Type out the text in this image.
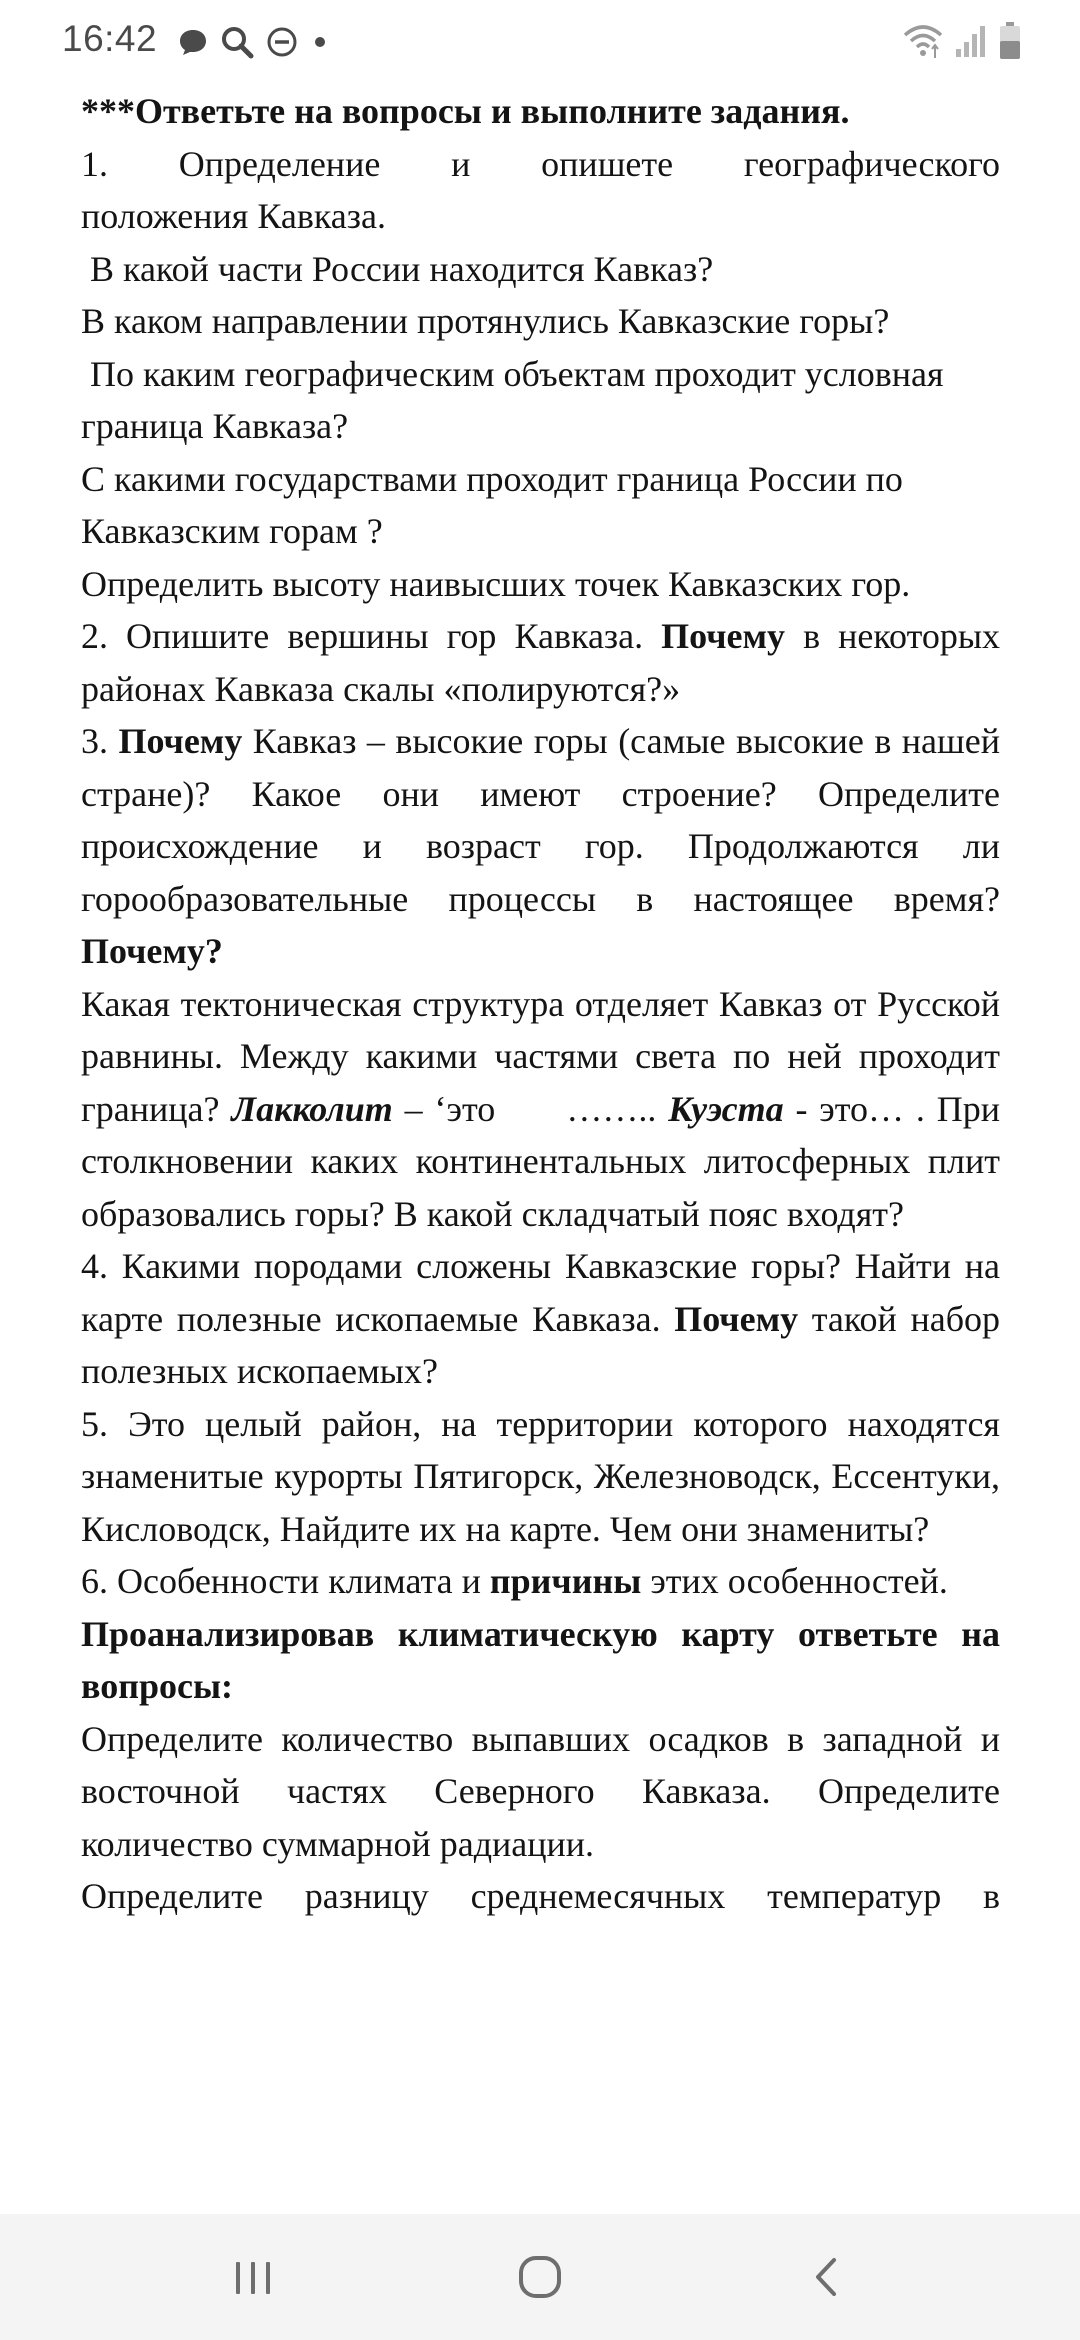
16:42

***Ответьте на вопросы и выполните задания.

1. Определение и опишете географического

положения Кавказа.

В какой части России находится Кавказ?

В каком направлении протянулись Кавказские горы?

По каким географическим объектам проходит условная граница Кавказа?

С какими государствами проходит граница России по Кавказским горам ?

Определить высоту наивысших точек Кавказских гор.

2. Опишите вершины гор Кавказа. Почему в некоторых районах Кавказа скалы «полируются?»

3. Почему Кавказ – высокие горы (самые высокие в нашей стране)? Какое они имеют строение? Определите происхождение и возраст гор. Продолжаются ли горообразовательные процессы в настоящее время? Почему?

Какая тектоническая структура отделяет Кавказ от Русской равнины. Между какими частями света по ней проходит граница? Лакколит – ‘это      …….. Куэста - это… . При столкновении каких континентальных литосферных плит образовались горы? В какой складчатый пояс входят?

4. Какими породами сложены Кавказские горы? Найти на карте полезные ископаемые Кавказа. Почему такой набор полезных ископаемых?

5. Это целый район, на территории которого находятся знаменитые курорты Пятигорск, Железноводск, Ессентуки, Кисловодск, Найдите их на карте. Чем они знамениты?

6. Особенности климата и причины этих особенностей.

Проанализировав климатическую карту ответьте на вопросы:

Определите количество выпавших осадков в западной и восточной частях Северного Кавказа. Определите количество суммарной радиации.

Определите разницу среднемесячных температур в
